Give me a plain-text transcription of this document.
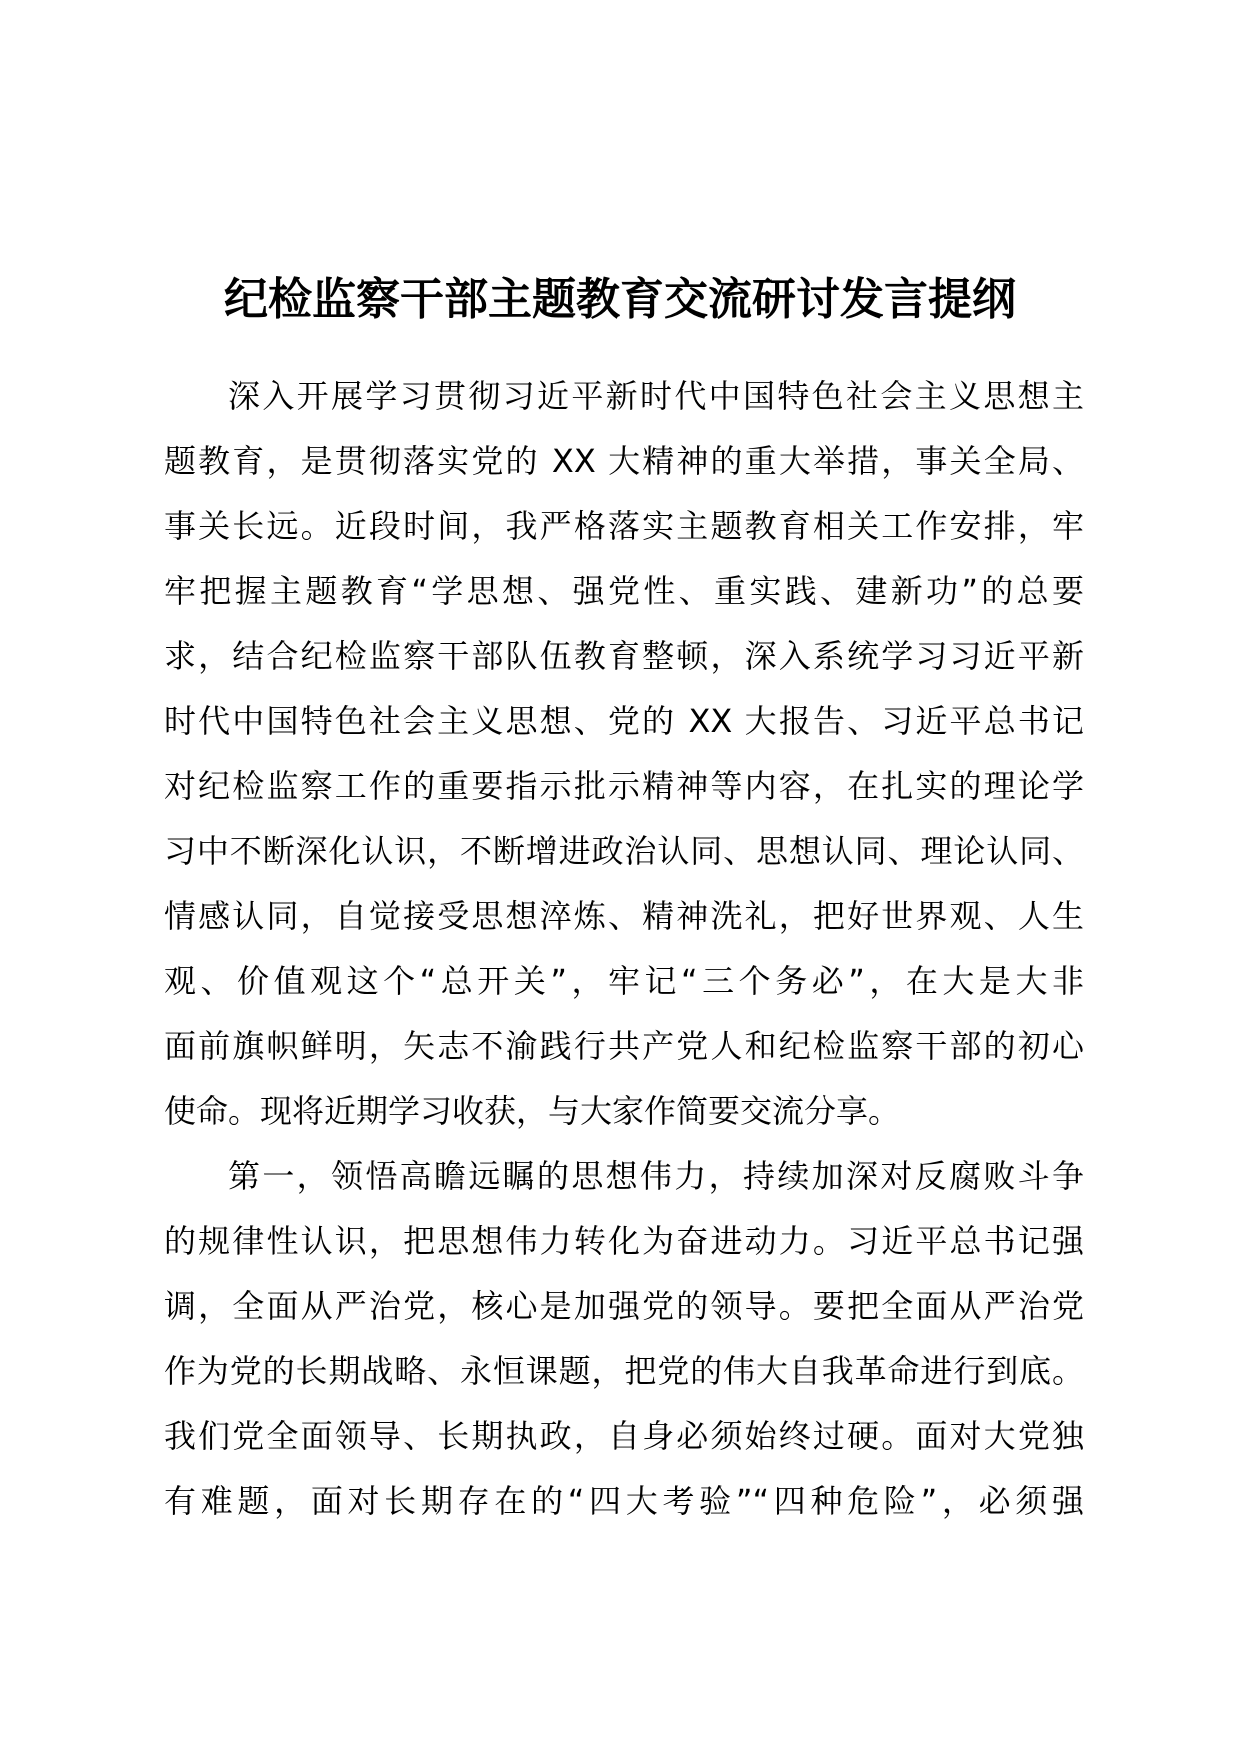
纪检监察干部主题教育交流研讨发言提纲
深入开展学习贯彻习近平新时代中国特色社会主义思想主
题教育，是贯彻落实党的 XX 大精神的重大举措，事关全局、
事关长远。近段时间，我严格落实主题教育相关工作安排，牢
牢把握主题教育“学思想、强党性、重实践、建新功”的总要
求，结合纪检监察干部队伍教育整顿，深入系统学习习近平新
时代中国特色社会主义思想、党的 XX 大报告、习近平总书记
对纪检监察工作的重要指示批示精神等内容，在扎实的理论学
习中不断深化认识，不断增进政治认同、思想认同、理论认同、
情感认同，自觉接受思想淬炼、精神洗礼，把好世界观、人生
观、价值观这个“总开关”，牢记“三个务必”，在大是大非
面前旗帜鲜明，矢志不渝践行共产党人和纪检监察干部的初心
使命。现将近期学习收获，与大家作简要交流分享。
第一，领悟高瞻远瞩的思想伟力，持续加深对反腐败斗争
的规律性认识，把思想伟力转化为奋进动力。习近平总书记强
调，全面从严治党，核心是加强党的领导。要把全面从严治党
作为党的长期战略、永恒课题，把党的伟大自我革命进行到底。
我们党全面领导、长期执政，自身必须始终过硬。面对大党独
有难题，面对长期存在的“四大考验”“四种危险”，必须强
